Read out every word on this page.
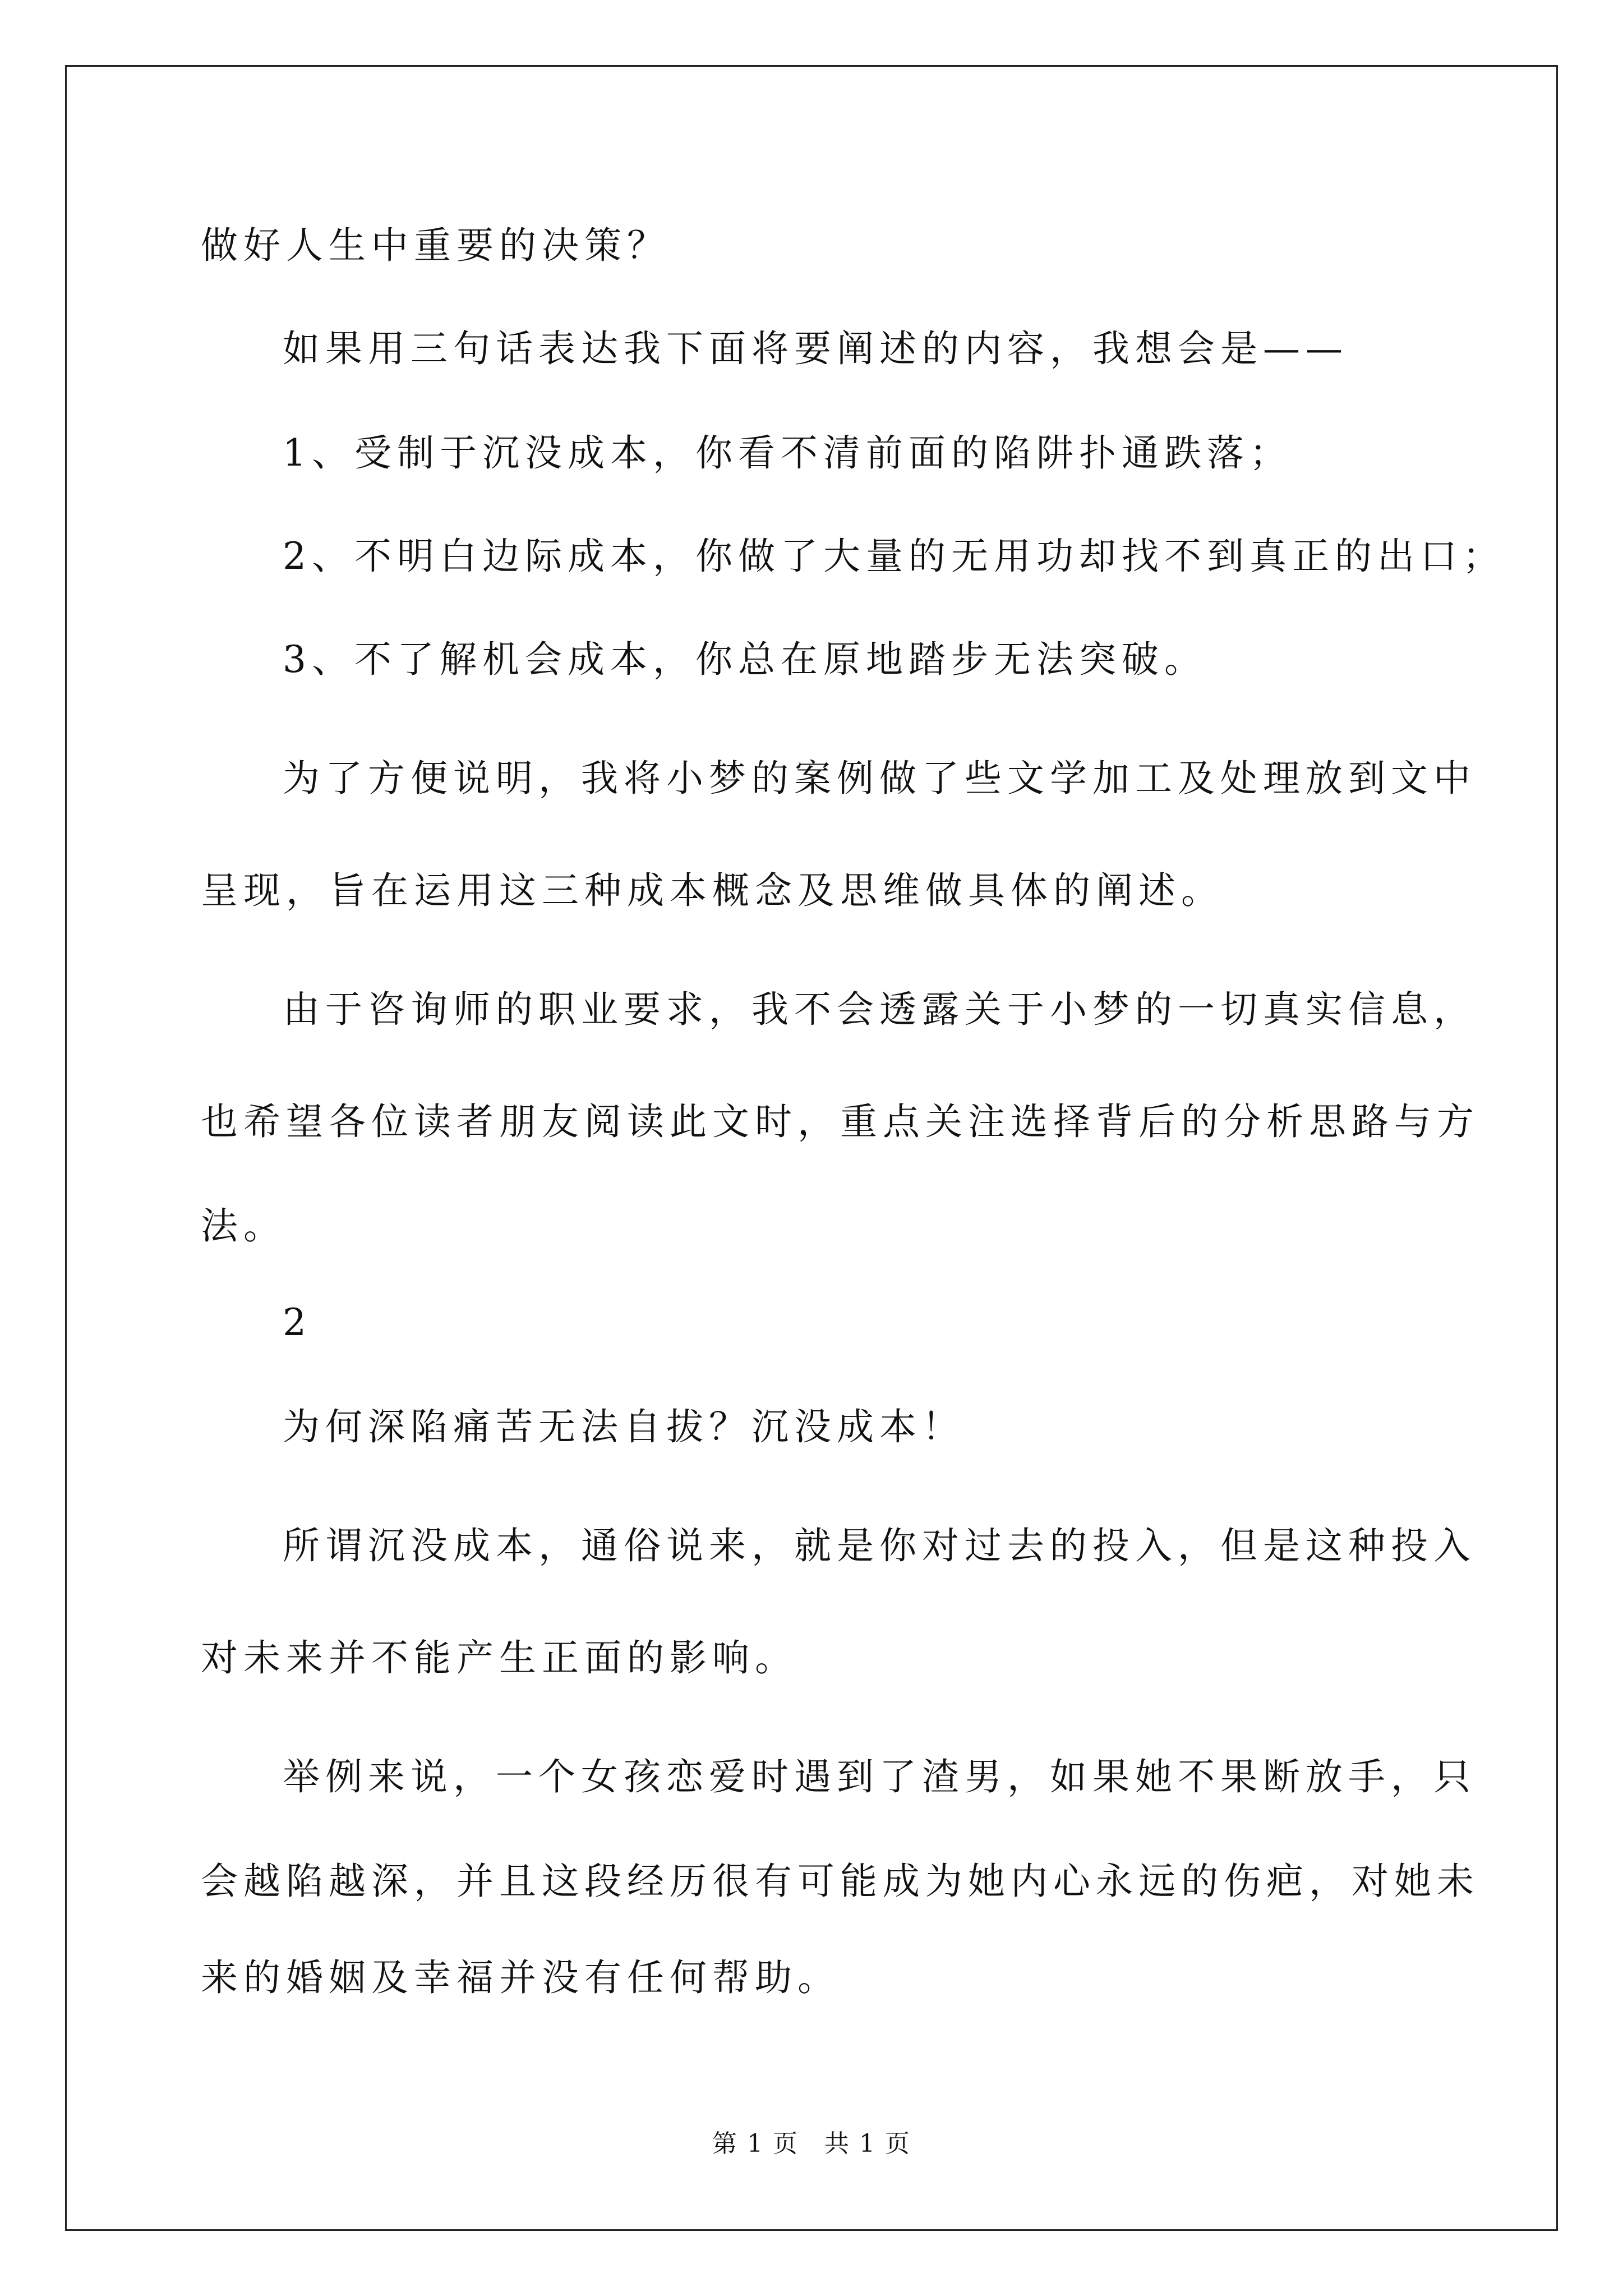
做好人生中重要的决策？
如果用三句话表达我下面将要阐述的内容，我想会是——
1、受制于沉没成本，你看不清前面的陷阱扑通跌落；
2、不明白边际成本，你做了大量的无用功却找不到真正的出口；
3、不了解机会成本，你总在原地踏步无法突破。
为了方便说明，我将小梦的案例做了些文学加工及处理放到文中
呈现，旨在运用这三种成本概念及思维做具体的阐述。
由于咨询师的职业要求，我不会透露关于小梦的一切真实信息，
也希望各位读者朋友阅读此文时，重点关注选择背后的分析思路与方
法。
2
为何深陷痛苦无法自拔？沉没成本！
所谓沉没成本，通俗说来，就是你对过去的投入，但是这种投入
对未来并不能产生正面的影响。
举例来说，一个女孩恋爱时遇到了渣男，如果她不果断放手，只
会越陷越深，并且这段经历很有可能成为她内心永远的伤疤，对她未
来的婚姻及幸福并没有任何帮助。
第 1 页　共 1 页
